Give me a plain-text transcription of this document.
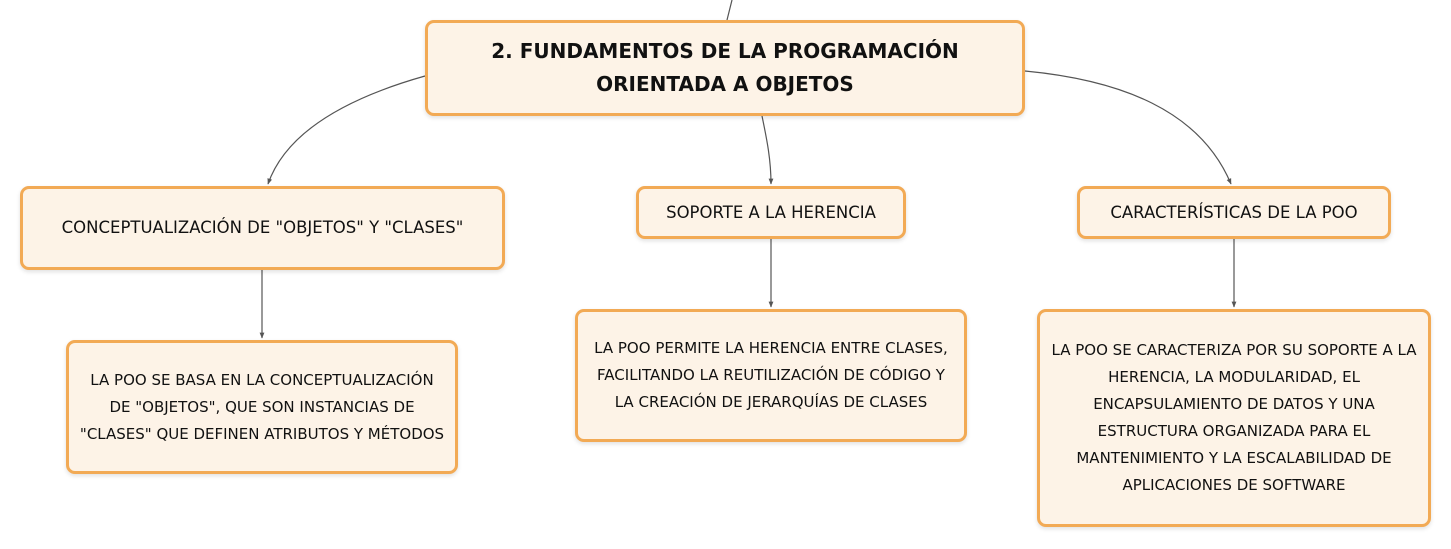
2. FUNDAMENTOS DE LA PROGRAMACIÓN ORIENTADA A OBJETOS
CONCEPTUALIZACIÓN DE "OBJETOS" Y "CLASES"
SOPORTE A LA HERENCIA	CARACTERÍSTICAS DE LA POO
LA POO SE BASA EN LA CONCEPTUALIZACIÓN DE "OBJETOS", QUE SON INSTANCIAS DE "CLASES" QUE DEFINEN ATRIBUTOS Y MÉTODOS
LA POO PERMITE LA HERENCIA ENTRE CLASES, FACILITANDO LA REUTILIZACIÓN DE CÓDIGO Y LA CREACIÓN DE JERARQUÍAS DE CLASES
LA POO SE CARACTERIZA POR SU SOPORTE A LA HERENCIA, LA MODULARIDAD, EL ENCAPSULAMIENTO DE DATOS Y UNA ESTRUCTURA ORGANIZADA PARA EL MANTENIMIENTO Y LA ESCALABILIDAD DE APLICACIONES DE SOFTWARE
